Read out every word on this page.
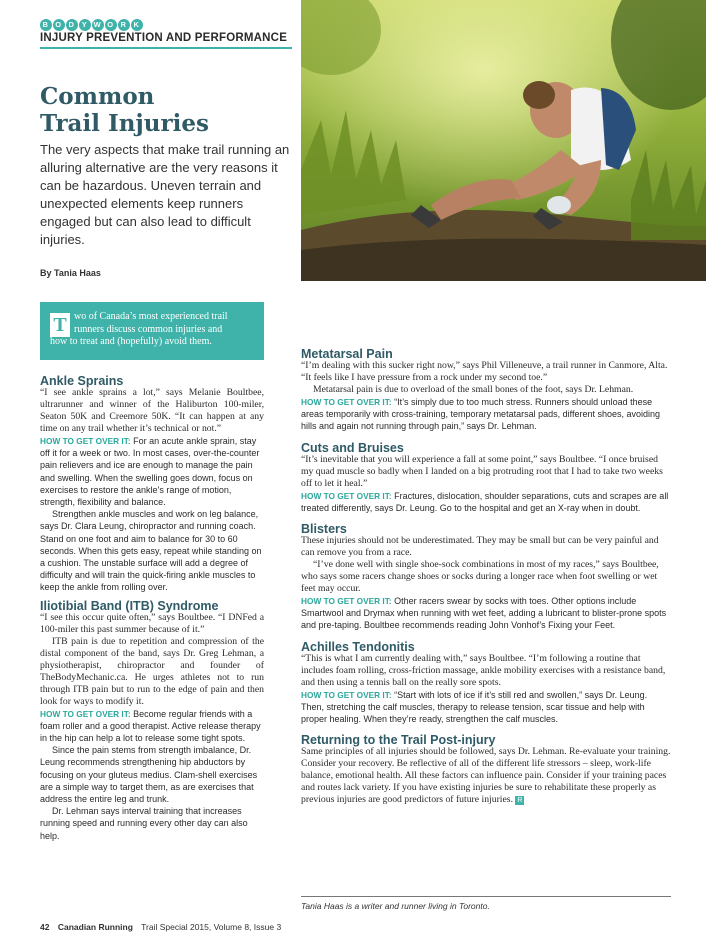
B O D Y W O R K
INJURY PREVENTION AND PERFORMANCE
Common
Trail Injuries
The very aspects that make trail running an alluring alternative are the very reasons it can be hazardous. Uneven terrain and unexpected elements keep runners engaged but can also lead to difficult injuries.
By Tania Haas
T wo of Canada’s most experienced trail runners discuss common injuries and
how to treat and (hopefully) avoid them.
Ankle Sprains

“I see ankle sprains a lot,” says Melanie Boultbee, ultrarunner and winner of the Haliburton 100-miler, Seaton 50K and Creemore 50K. “It can happen at any time on any trail whether it’s technical or not.”

HOW TO GET OVER IT: For an acute ankle sprain, stay off it for a week or two. In most cases, over-the-counter pain relievers and ice are enough to manage the pain and swelling. When the swelling goes down, focus on exercises to restore the ankle’s range of motion, strength, flexibility and balance.

Strengthen ankle muscles and work on leg balance, says Dr. Clara Leung, chiropractor and running coach. Stand on one foot and aim to balance for 30 to 60 seconds. When this gets easy, repeat while standing on a cushion. The unstable surface will add a degree of difficulty and will train the quick-firing ankle muscles to keep the ankle from rolling over.

Iliotibial Band (ITB) Syndrome

“I see this occur quite often,” says Boultbee. “I DNFed a 100-miler this past summer because of it.”

ITB pain is due to repetition and compression of the distal component of the band, says Dr. Greg Lehman, a physiotherapist, chiropractor and founder of TheBodyMechanic.ca. He urges athletes not to run through ITB pain but to run to the edge of pain and then look for ways to modify it.

HOW TO GET OVER IT: Become regular friends with a foam roller and a good therapist. Active release therapy in the hip can help a lot to release some tight spots.

Since the pain stems from strength imbalance, Dr. Leung recommends strengthening hip abductors by focusing on your gluteus medius. Clam-shell exercises are a simple way to target them, as are exercises that address the entire leg and trunk.

Dr. Lehman says interval training that increases running speed and running every other day can also help.

Metatarsal Pain

“I’m dealing with this sucker right now,” says Phil Villeneuve, a trail runner in Canmore, Alta. “It feels like I have pressure from a rock under my second toe.”

Metatarsal pain is due to overload of the small bones of the foot, says Dr. Lehman.

HOW TO GET OVER IT: “It’s simply due to too much stress. Runners should unload these areas temporarily with cross-training, temporary metatarsal pads, different shoes, avoiding hills and again not running through pain,” says Dr. Lehman.

Cuts and Bruises

“It’s inevitable that you will experience a fall at some point,” says Boultbee. “I once bruised my quad muscle so badly when I landed on a big protruding root that I had to take two weeks off to let it heal.”

HOW TO GET OVER IT: Fractures, dislocation, shoulder separations, cuts and scrapes are all treated differently, says Dr. Leung. Go to the hospital and get an X-ray when in doubt.

Blisters

These injuries should not be underestimated. They may be small but can be very painful and can remove you from a race.

“I’ve done well with single shoe-sock combinations in most of my races,” says Boultbee, who says some racers change shoes or socks during a longer race when foot swelling or wet feet may occur.

HOW TO GET OVER IT: Other racers swear by socks with toes. Other options include Smartwool and Drymax when running with wet feet, adding a lubricant to blister-prone spots and pre-taping. Boultbee recommends reading John Vonhof’s Fixing your Feet.

Achilles Tendonitis

“This is what I am currently dealing with,” says Boultbee. “I’m following a routine that includes foam rolling, cross-friction massage, ankle mobility exercises with a resistance band, and then using a tennis ball on the really sore spots.

HOW TO GET OVER IT: “Start with lots of ice if it’s still red and swollen,” says Dr. Leung. Then, stretching the calf muscles, therapy to release tension, scar tissue and help with proper healing. When they’re ready, strengthen the calf muscles.

Returning to the Trail Post-injury

Same principles of all injuries should be followed, says Dr. Lehman. Re-evaluate your training. Consider your recovery. Be reflective of all of the different life stressors – sleep, work-life balance, emotional health. All these factors can influence pain. Consider if your training paces and routes lack variety. If you have existing injuries be sure to rehabilitate these properly as previous injuries are good predictors of future injuries. R

Tania Haas is a writer and runner living in Toronto.
42 Canadian Running Trail Special 2015, Volume 8, Issue 3
